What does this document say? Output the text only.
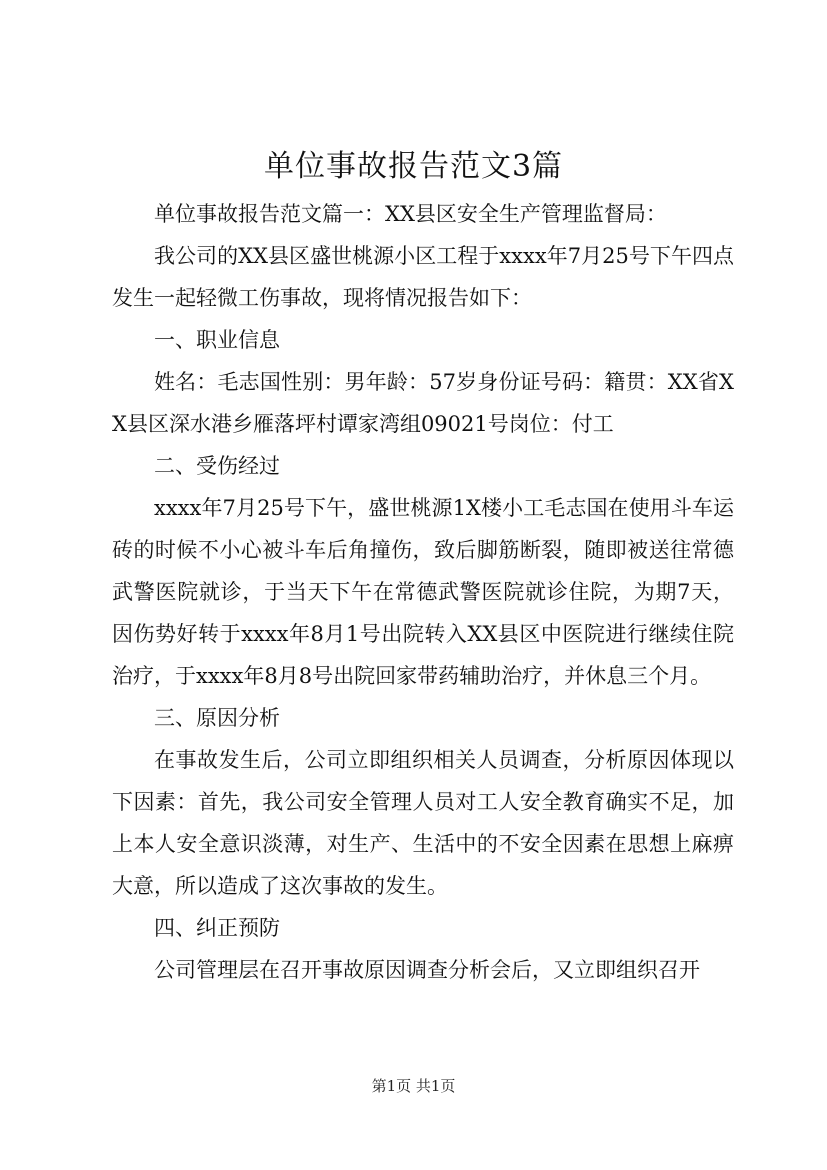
单位事故报告范文3篇

单位事故报告范文篇一：XX县区安全生产管理监督局：

我公司的XX县区盛世桃源小区工程于xxxx年7月25号下午四点发生一起轻微工伤事故，现将情况报告如下：

一、职业信息

姓名：毛志国性别：男年龄：57岁身份证号码：籍贯：XX省XX县区深水港乡雁落坪村谭家湾组09021号岗位：付工

二、受伤经过

xxxx年7月25号下午，盛世桃源1X楼小工毛志国在使用斗车运砖的时候不小心被斗车后角撞伤，致后脚筋断裂，随即被送往常德武警医院就诊，于当天下午在常德武警医院就诊住院，为期7天，因伤势好转于xxxx年8月1号出院转入XX县区中医院进行继续住院治疗，于xxxx年8月8号出院回家带药辅助治疗，并休息三个月。

三、原因分析

在事故发生后，公司立即组织相关人员调查，分析原因体现以下因素：首先，我公司安全管理人员对工人安全教育确实不足，加上本人安全意识淡薄，对生产、生活中的不安全因素在思想上麻痹大意，所以造成了这次事故的发生。

四、纠正预防

公司管理层在召开事故原因调查分析会后，又立即组织召开

第1页 共1页
